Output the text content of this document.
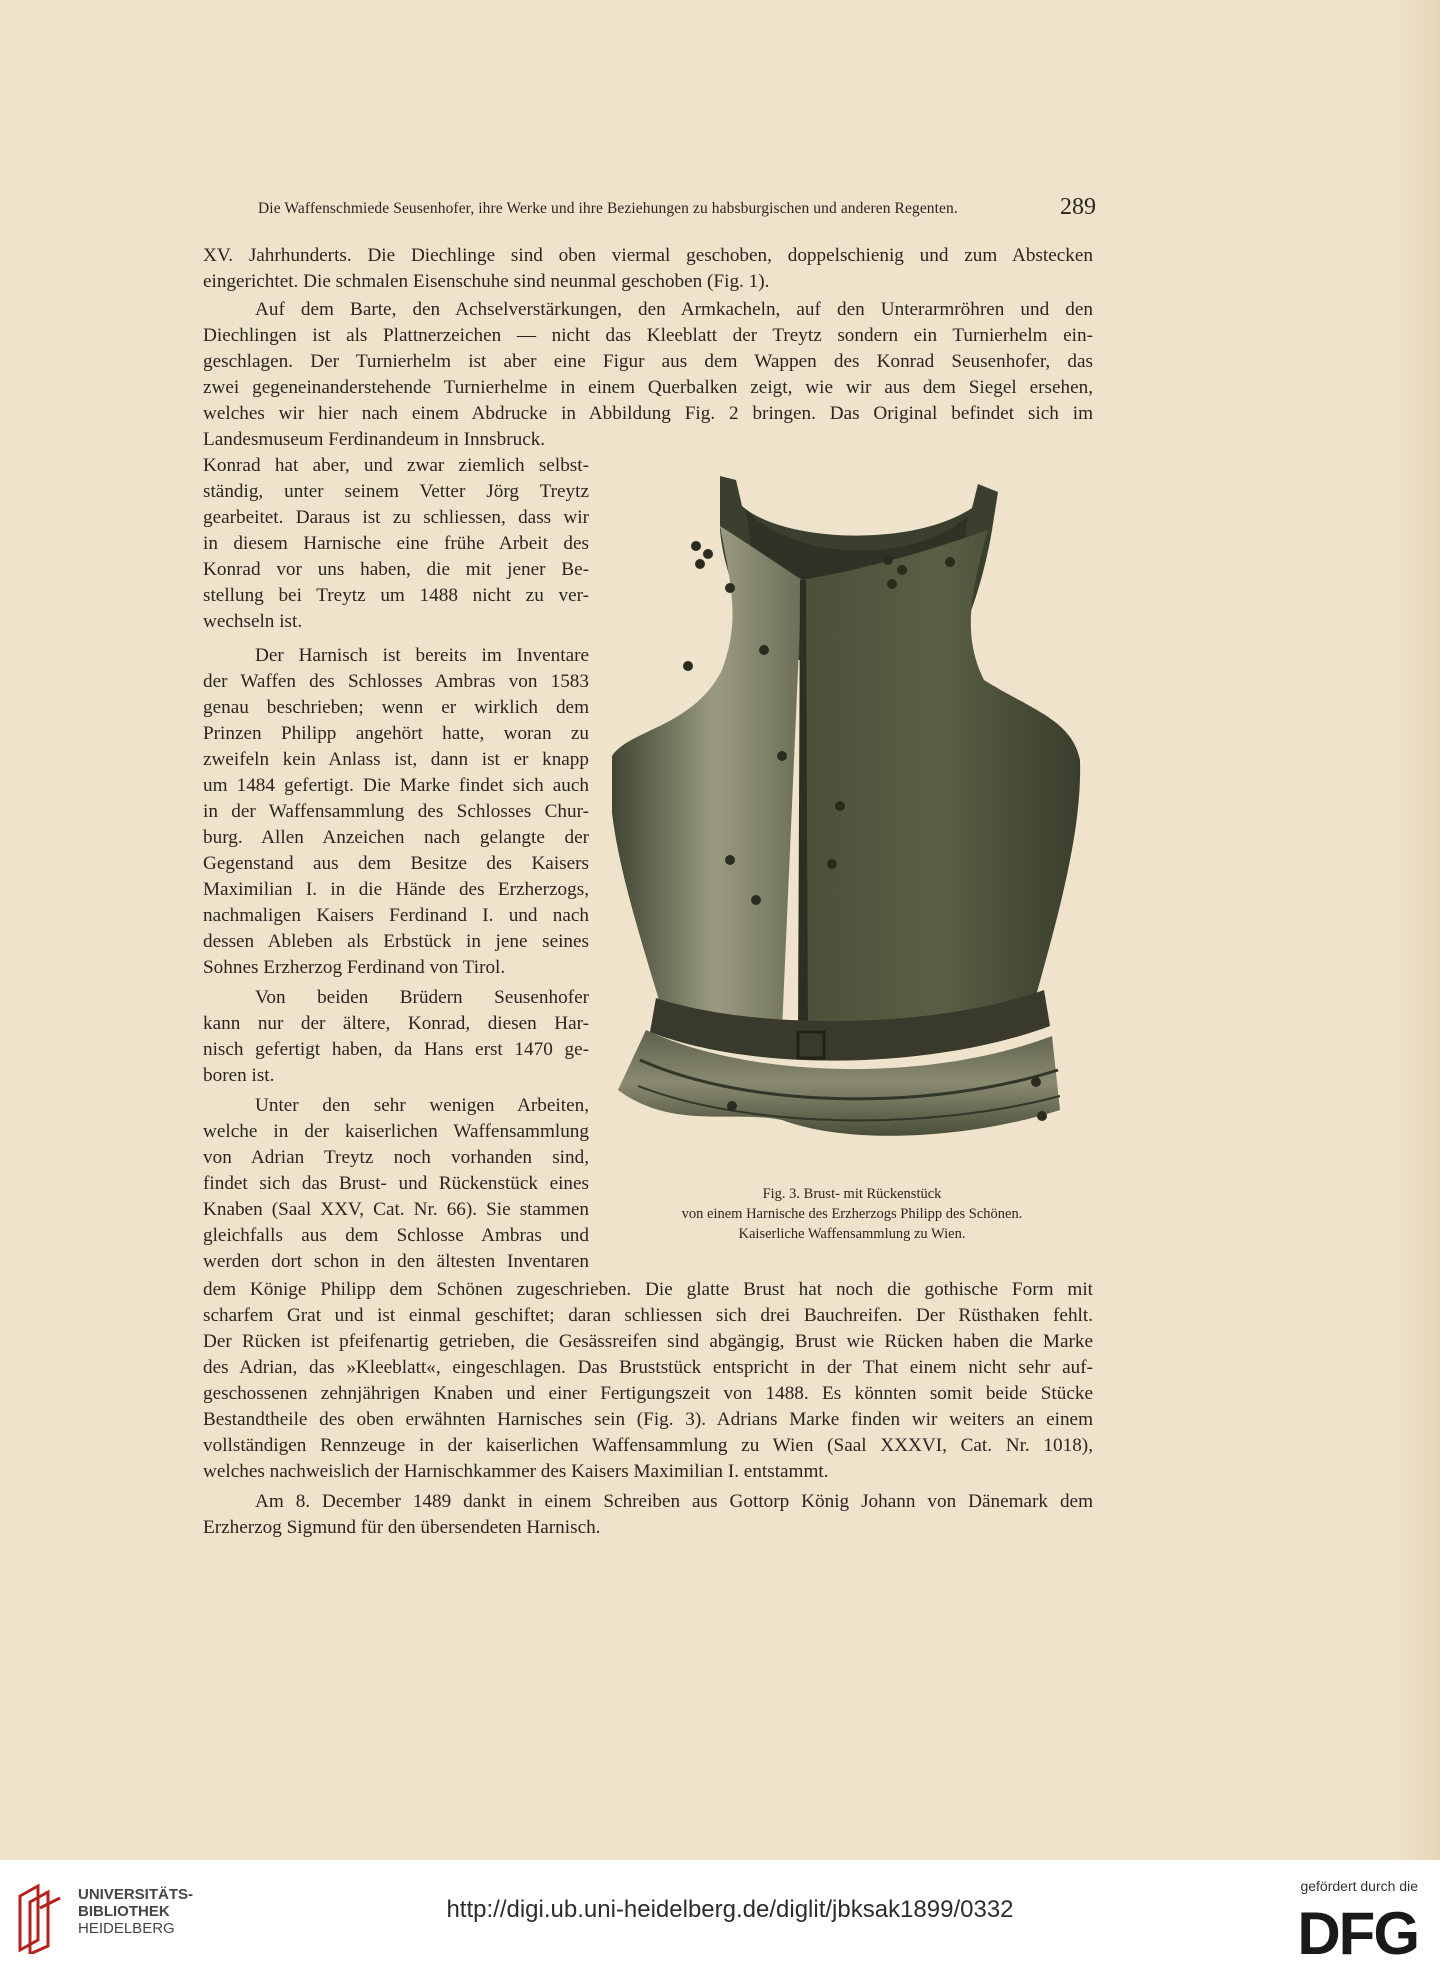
Die Waffenschmiede Seusenhofer, ihre Werke und ihre Beziehungen zu habsburgischen und anderen Regenten.	289
XV. Jahrhunderts. Die Diechlinge sind oben viermal geschoben, doppelschienig und zum Abstecken
eingerichtet. Die schmalen Eisenschuhe sind neunmal geschoben (Fig. 1).
Auf dem Barte, den Achselverstärkungen, den Armkacheln, auf den Unterarmröhren und den
Diechlingen ist als Plattnerzeichen — nicht das Kleeblatt der Treytz sondern ein Turnierhelm ein-
geschlagen. Der Turnierhelm ist aber eine Figur aus dem Wappen des Konrad Seusenhofer, das
zwei gegeneinanderstehende Turnierhelme in einem Querbalken zeigt, wie wir aus dem Siegel ersehen,
welches wir hier nach einem Abdrucke in Abbildung Fig. 2 bringen. Das Original befindet sich im
Landesmuseum Ferdinandeum in Innsbruck.
Konrad hat aber, und zwar ziemlich selbst-
ständig, unter seinem Vetter Jörg Treytz
gearbeitet. Daraus ist zu schliessen, dass wir
in diesem Harnische eine frühe Arbeit des
Konrad vor uns haben, die mit jener Be-
stellung bei Treytz um 1488 nicht zu ver-
wechseln ist.
Der Harnisch ist bereits im Inventare
der Waffen des Schlosses Ambras von 1583
genau beschrieben; wenn er wirklich dem
Prinzen Philipp angehört hatte, woran zu
zweifeln kein Anlass ist, dann ist er knapp
um 1484 gefertigt. Die Marke findet sich auch
in der Waffensammlung des Schlosses Chur-
burg. Allen Anzeichen nach gelangte der
Gegenstand aus dem Besitze des Kaisers
Maximilian I. in die Hände des Erzherzogs,
nachmaligen Kaisers Ferdinand I. und nach
dessen Ableben als Erbstück in jene seines
Sohnes Erzherzog Ferdinand von Tirol.
Von beiden Brüdern Seusenhofer
kann nur der ältere, Konrad, diesen Har-
nisch gefertigt haben, da Hans erst 1470 ge-
boren ist.
Unter den sehr wenigen Arbeiten,
welche in der kaiserlichen Waffensammlung
von Adrian Treytz noch vorhanden sind,
findet sich das Brust- und Rückenstück eines
Knaben (Saal XXV, Cat. Nr. 66). Sie stammen
gleichfalls aus dem Schlosse Ambras und
werden dort schon in den ältesten Inventaren
dem Könige Philipp dem Schönen zugeschrieben. Die glatte Brust hat noch die gothische Form mit
scharfem Grat und ist einmal geschiftet; daran schliessen sich drei Bauchreifen. Der Rüsthaken fehlt.
Der Rücken ist pfeifenartig getrieben, die Gesässreifen sind abgängig, Brust wie Rücken haben die Marke
des Adrian, das »Kleeblatt«, eingeschlagen. Das Bruststück entspricht in der That einem nicht sehr auf-
geschossenen zehnjährigen Knaben und einer Fertigungszeit von 1488. Es könnten somit beide Stücke
Bestandtheile des oben erwähnten Harnisches sein (Fig. 3). Adrians Marke finden wir weiters an einem
vollständigen Rennzeuge in der kaiserlichen Waffensammlung zu Wien (Saal XXXVI, Cat. Nr. 1018),
welches nachweislich der Harnischkammer des Kaisers Maximilian I. entstammt.
Am 8. December 1489 dankt in einem Schreiben aus Gottorp König Johann von Dänemark dem
Erzherzog Sigmund für den übersendeten Harnisch.
Fig. 3. Brust- mit Rückenstück
von einem Harnische des Erzherzogs Philipp des Schönen.
Kaiserliche Waffensammlung zu Wien.
UNIVERSITÄTS-
BIBLIOTHEK
HEIDELBERG
http://digi.ub.uni-heidelberg.de/diglit/jbksak1899/0332
gefördert durch die
DFG
